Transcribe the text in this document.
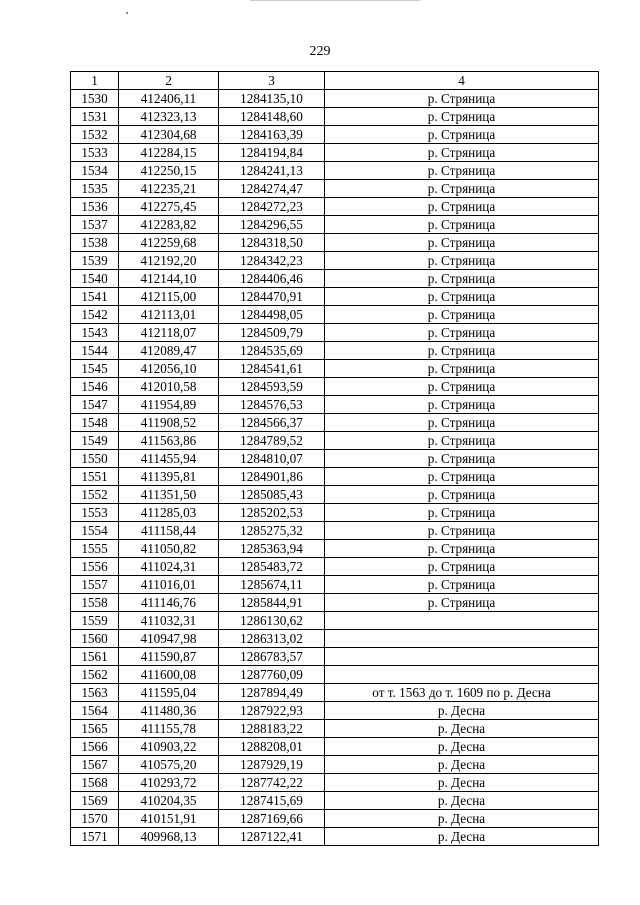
229
1	2	3	4
1530	412406,11	1284135,10	р. Стряница
1531	412323,13	1284148,60	р. Стряница
1532	412304,68	1284163,39	р. Стряница
1533	412284,15	1284194,84	р. Стряница
1534	412250,15	1284241,13	р. Стряница
1535	412235,21	1284274,47	р. Стряница
1536	412275,45	1284272,23	р. Стряница
1537	412283,82	1284296,55	р. Стряница
1538	412259,68	1284318,50	р. Стряница
1539	412192,20	1284342,23	р. Стряница
1540	412144,10	1284406,46	р. Стряница
1541	412115,00	1284470,91	р. Стряница
1542	412113,01	1284498,05	р. Стряница
1543	412118,07	1284509,79	р. Стряница
1544	412089,47	1284535,69	р. Стряница
1545	412056,10	1284541,61	р. Стряница
1546	412010,58	1284593,59	р. Стряница
1547	411954,89	1284576,53	р. Стряница
1548	411908,52	1284566,37	р. Стряница
1549	411563,86	1284789,52	р. Стряница
1550	411455,94	1284810,07	р. Стряница
1551	411395,81	1284901,86	р. Стряница
1552	411351,50	1285085,43	р. Стряница
1553	411285,03	1285202,53	р. Стряница
1554	411158,44	1285275,32	р. Стряница
1555	411050,82	1285363,94	р. Стряница
1556	411024,31	1285483,72	р. Стряница
1557	411016,01	1285674,11	р. Стряница
1558	411146,76	1285844,91	р. Стряница
1559	411032,31	1286130,62	
1560	410947,98	1286313,02	
1561	411590,87	1286783,57	
1562	411600,08	1287760,09	
1563	411595,04	1287894,49	от т. 1563 до т. 1609 по р. Десна
1564	411480,36	1287922,93	р. Десна
1565	411155,78	1288183,22	р. Десна
1566	410903,22	1288208,01	р. Десна
1567	410575,20	1287929,19	р. Десна
1568	410293,72	1287742,22	р. Десна
1569	410204,35	1287415,69	р. Десна
1570	410151,91	1287169,66	р. Десна
1571	409968,13	1287122,41	р. Десна
